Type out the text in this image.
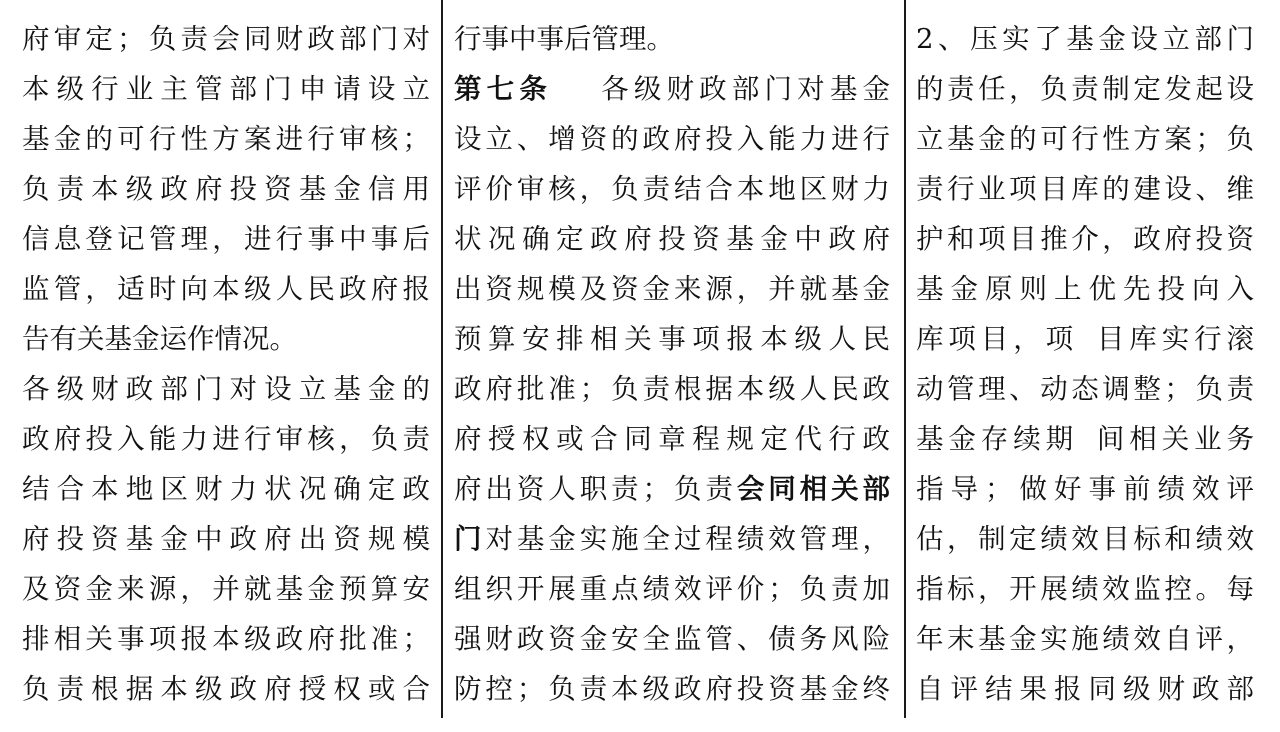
府审定；负责会同财政部门对
本级行业主管部门申请设立
基金的可行性方案进行审核；
负责本级政府投资基金信用
信息登记管理，进行事中事后
监管，适时向本级人民政府报
告有关基金运作情况。
各级财政部门对设立基金的
政府投入能力进行审核，负责
结合本地区财力状况确定政
府投资基金中政府出资规模
及资金来源，并就基金预算安
排相关事项报本级政府批准；
负责根据本级政府授权或合
行事中事后管理。
第七条 各级财政部门对基金
设立、增资的政府投入能力进行
评价审核，负责结合本地区财力
状况确定政府投资基金中政府
出资规模及资金来源，并就基金
预算安排相关事项报本级人民
政府批准；负责根据本级人民政
府授权或合同章程规定代行政
府出资人职责；负责会同相关部
门对基金实施全过程绩效管理，
组织开展重点绩效评价；负责加
强财政资金安全监管、债务风险
防控；负责本级政府投资基金终
2、压实了基金设立部门
的责任，负责制定发起设
立基金的可行性方案；负
责行业项目库的建设、维
护和项目推介，政府投资
基金原则上优先投向入
库项目，项 目库实行滚
动管理、动态调整；负责
基金存续期 间相关业务
指导；做好事前绩效评
估，制定绩效目标和绩效
指标，开展绩效监控。每
年末基金实施绩效自评，
自评结果报同级财政部
